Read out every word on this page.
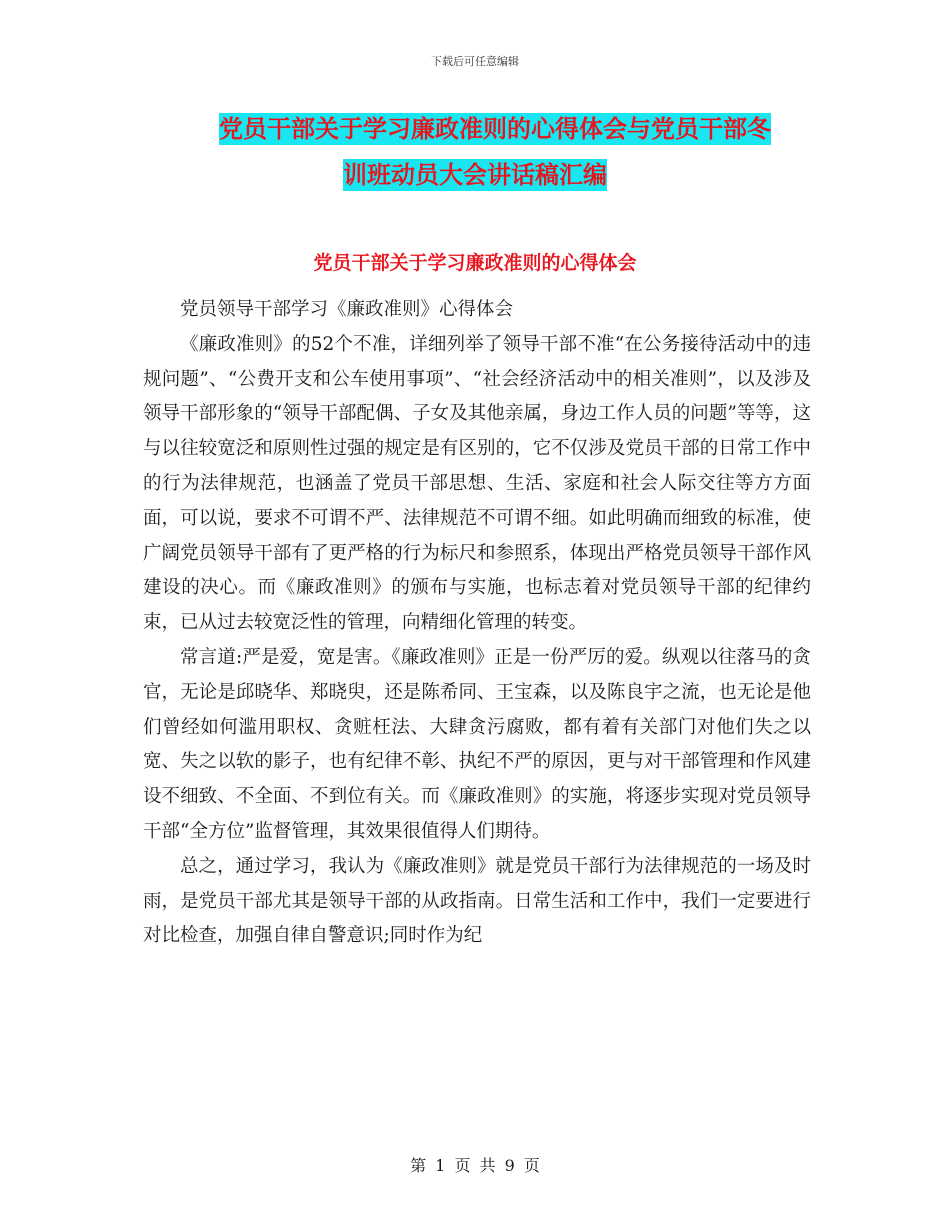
下载后可任意编辑
党员干部关于学习廉政准则的心得体会与党员干部冬
训班动员大会讲话稿汇编
党员干部关于学习廉政准则的心得体会

党员领导干部学习《廉政准则》心得体会

《廉政准则》的52个不准，详细列举了领导干部不准“在公务接待活动中的违规问题”、“公费开支和公车使用事项”、“社会经济活动中的相关准则”，以及涉及领导干部形象的“领导干部配偶、子女及其他亲属，身边工作人员的问题”等等，这与以往较宽泛和原则性过强的规定是有区别的，它不仅涉及党员干部的日常工作中的行为法律规范，也涵盖了党员干部思想、生活、家庭和社会人际交往等方方面面，可以说，要求不可谓不严、法律规范不可谓不细。如此明确而细致的标准，使广阔党员领导干部有了更严格的行为标尺和参照系，体现出严格党员领导干部作风建设的决心。而《廉政准则》的颁布与实施，也标志着对党员领导干部的纪律约束，已从过去较宽泛性的管理，向精细化管理的转变。

常言道:严是爱，宽是害。《廉政准则》正是一份严厉的爱。纵观以往落马的贪官，无论是邱晓华、郑晓臾，还是陈希同、王宝森，以及陈良宇之流，也无论是他们曾经如何滥用职权、贪赃枉法、大肆贪污腐败，都有着有关部门对他们失之以宽、失之以软的影子，也有纪律不彰、执纪不严的原因，更与对干部管理和作风建设不细致、不全面、不到位有关。而《廉政准则》的实施，将逐步实现对党员领导干部“全方位”监督管理，其效果很值得人们期待。

总之，通过学习，我认为《廉政准则》就是党员干部行为法律规范的一场及时雨，是党员干部尤其是领导干部的从政指南。日常生活和工作中，我们一定要进行对比检查，加强自律自警意识;同时作为纪

第 1 页 共 9 页
